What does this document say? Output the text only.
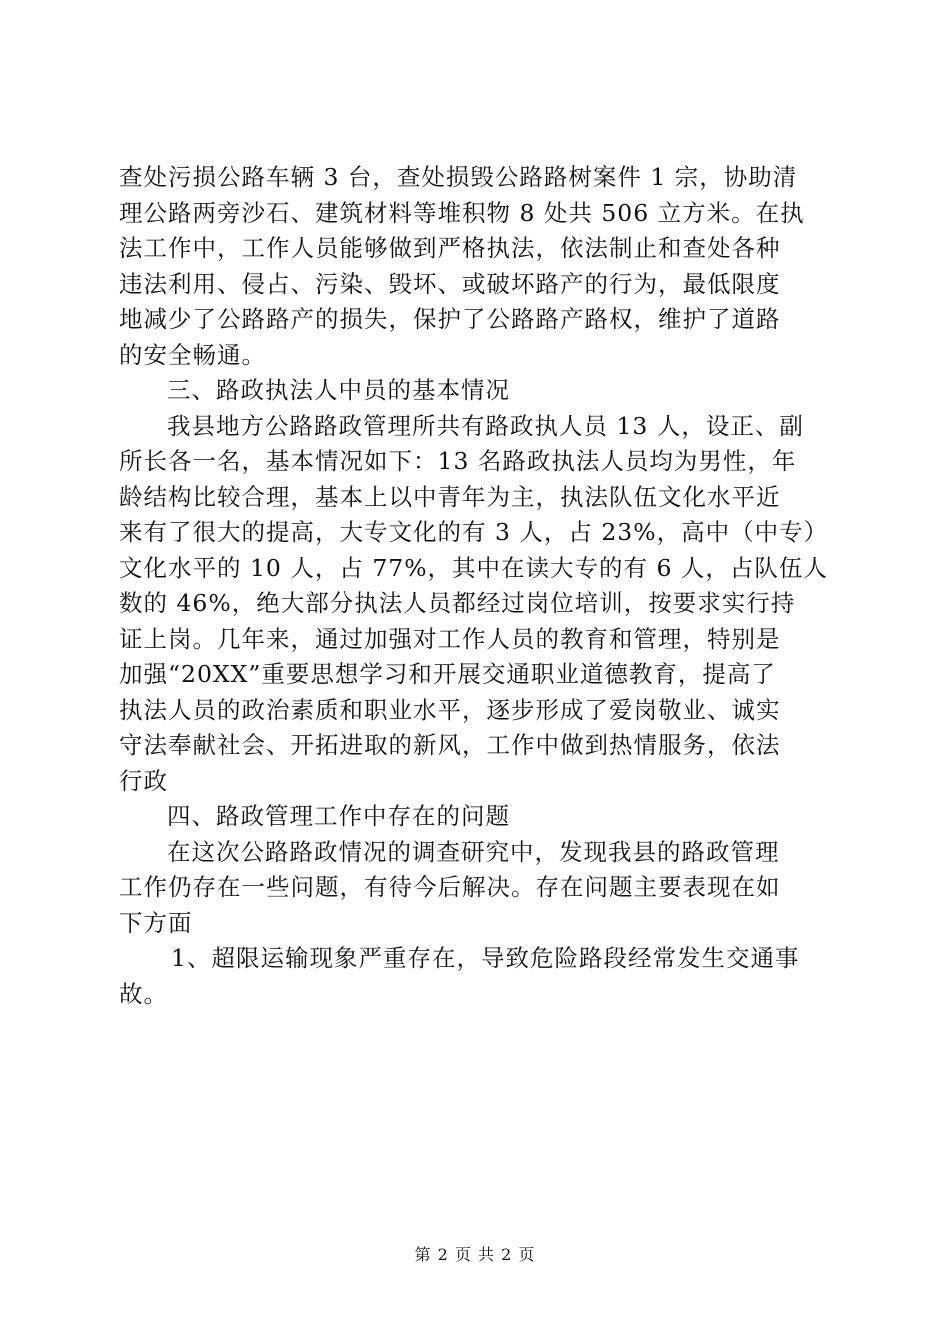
查处污损公路车辆 3 台，查处损毁公路路树案件 1 宗，协助清
理公路两旁沙石、建筑材料等堆积物 8 处共 506 立方米。在执
法工作中，工作人员能够做到严格执法，依法制止和查处各种
违法利用、侵占、污染、毁坏、或破坏路产的行为，最低限度
地减少了公路路产的损失，保护了公路路产路权，维护了道路
的安全畅通。
三、路政执法人中员的基本情况
我县地方公路路政管理所共有路政执人员 13 人，设正、副
所长各一名，基本情况如下：13 名路政执法人员均为男性，年
龄结构比较合理，基本上以中青年为主，执法队伍文化水平近
来有了很大的提高，大专文化的有 3 人，占 23%，高中（中专）
文化水平的 10 人，占 77%，其中在读大专的有 6 人，占队伍人
数的 46%，绝大部分执法人员都经过岗位培训，按要求实行持
证上岗。几年来，通过加强对工作人员的教育和管理，特别是
加强“20XX”重要思想学习和开展交通职业道德教育，提高了
执法人员的政治素质和职业水平，逐步形成了爱岗敬业、诚实
守法奉献社会、开拓进取的新风，工作中做到热情服务，依法
行政
四、路政管理工作中存在的问题
在这次公路路政情况的调查研究中，发现我县的路政管理
工作仍存在一些问题，有待今后解决。存在问题主要表现在如
下方面
1、超限运输现象严重存在，导致危险路段经常发生交通事
故。
第 2 页 共 2 页
